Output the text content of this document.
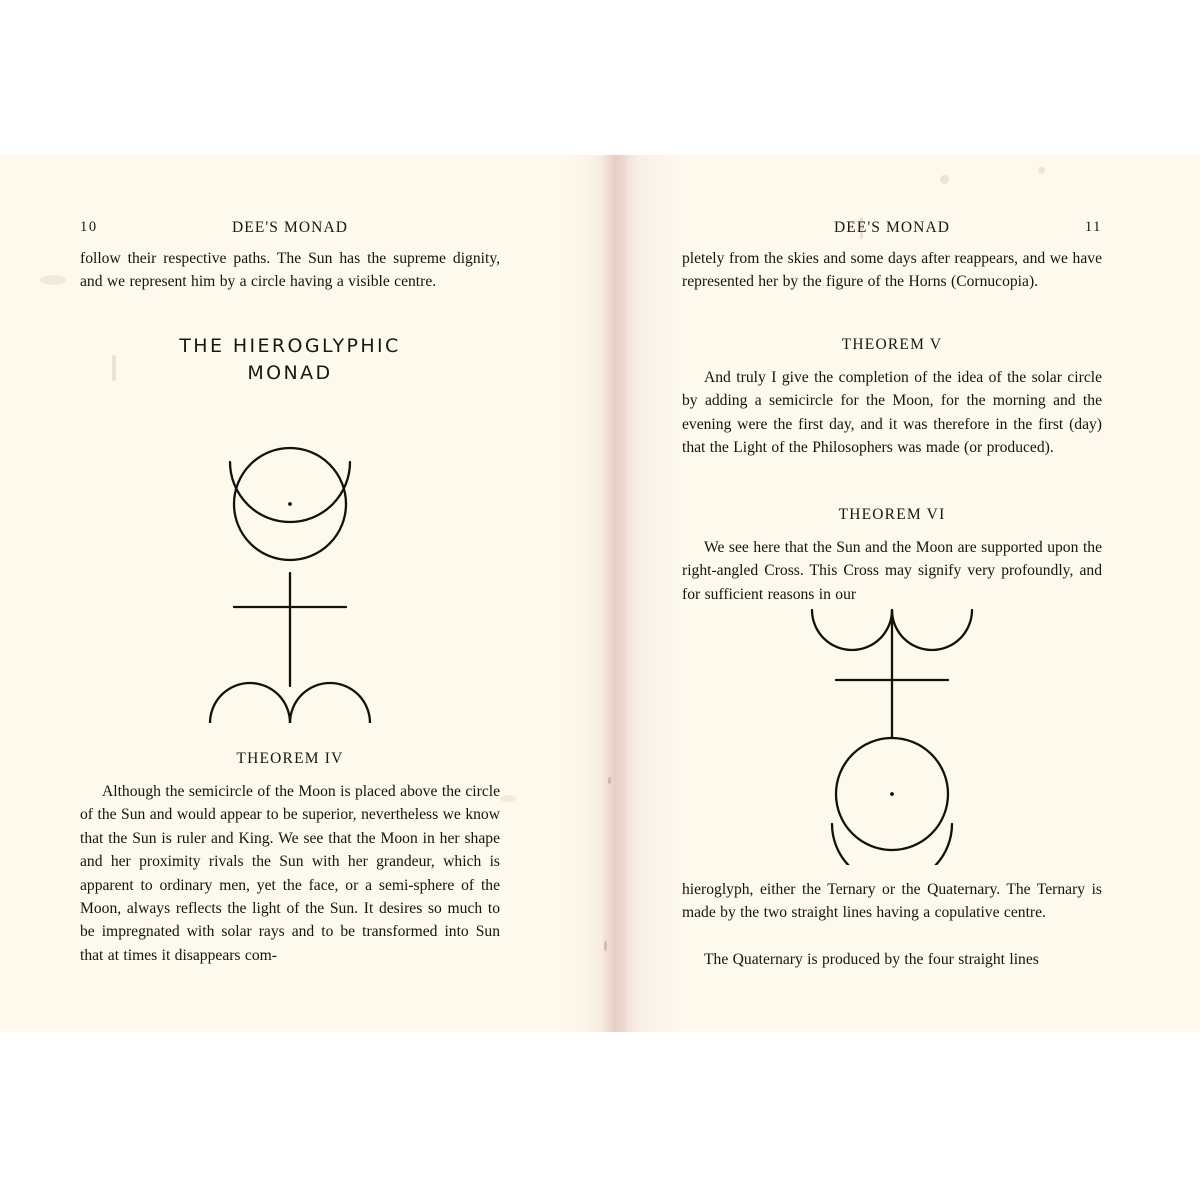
10	DEE'S MONAD

follow their respective paths. The Sun has the supreme dignity, and we represent him by a circle having a visible centre.

THE HIEROGLYPHIC
MONAD
THEOREM IV

Although the semicircle of the Moon is placed above the circle of the Sun and would appear to be superior, nevertheless we know that the Sun is ruler and King. We see that the Moon in her shape and her proximity rivals the Sun with her grandeur, which is apparent to ordinary men, yet the face, or a semi-sphere of the Moon, always reflects the light of the Sun. It desires so much to be impregnated with solar rays and to be transformed into Sun that at times it disappears com-

DEE'S MONAD	11

pletely from the skies and some days after reappears, and we have represented her by the figure of the Horns (Cornucopia).

THEOREM V

And truly I give the completion of the idea of the solar circle by adding a semicircle for the Moon, for the morning and the evening were the first day, and it was therefore in the first (day) that the Light of the Philosophers was made (or produced).

THEOREM VI

We see here that the Sun and the Moon are supported upon the right-angled Cross. This Cross may signify very profoundly, and for sufficient reasons in our

hieroglyph, either the Ternary or the Quaternary. The Ternary is made by the two straight lines having a copulative centre.

The Quaternary is produced by the four straight lines
